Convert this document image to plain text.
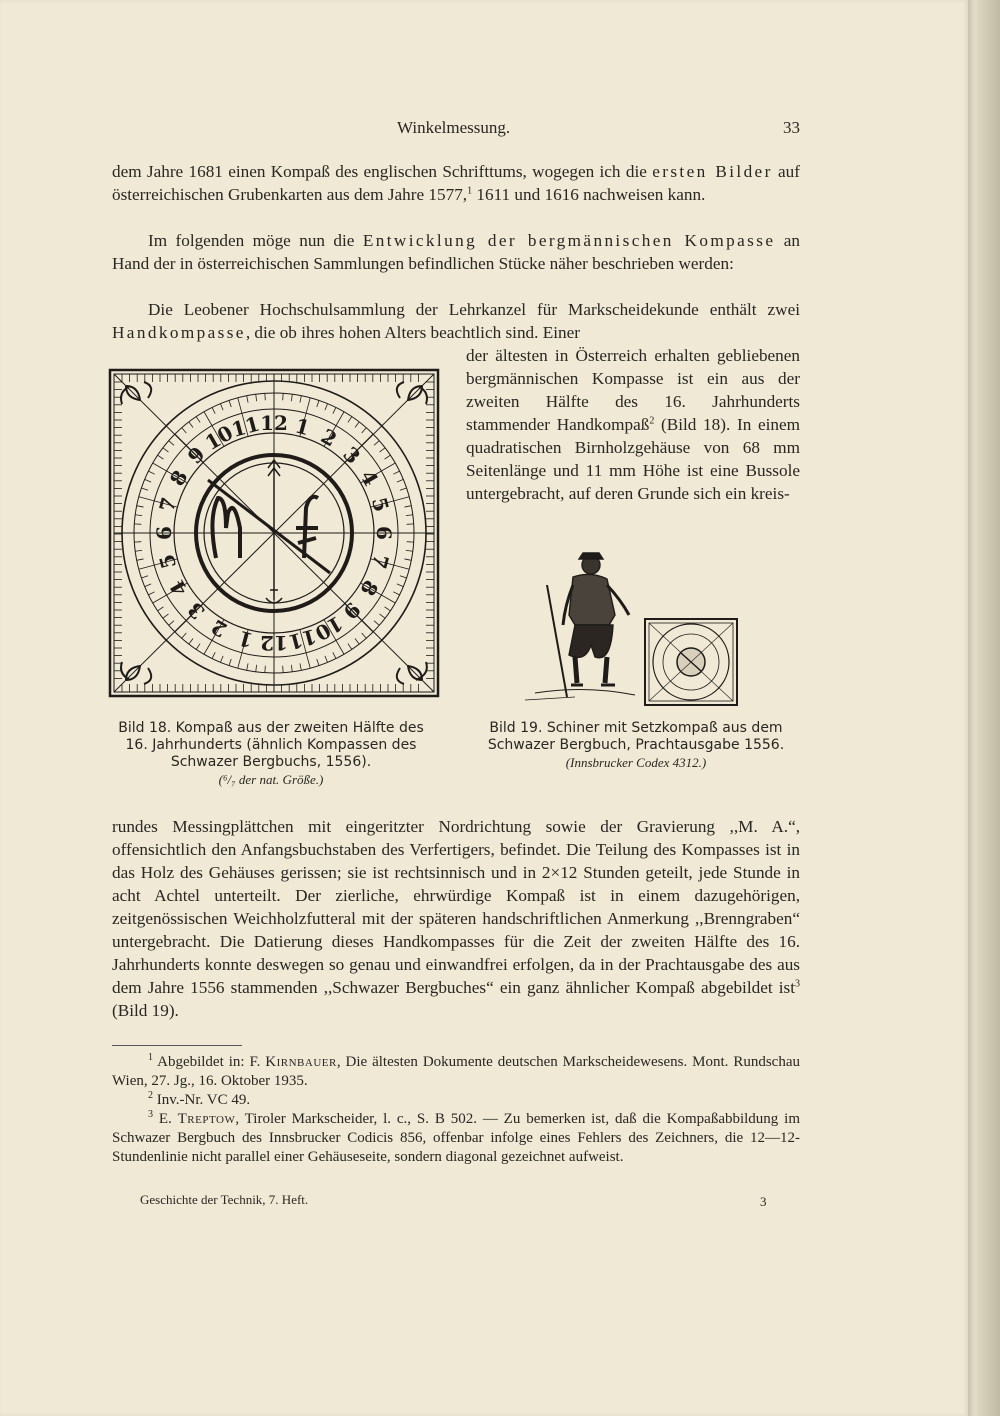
Winkelmessung.	33

dem Jahre 1681 einen Kompaß des englischen Schrifttums, wogegen ich die ersten Bilder auf österreichischen Grubenkarten aus dem Jahre 1577,$^1$ 1611 und 1616 nachweisen kann.

Im folgenden möge nun die Entwicklung der bergmännischen Kompasse an Hand der in österreichischen Sammlungen befindlichen Stücke näher beschrieben werden:

Die Leobener Hochschulsammlung der Lehrkanzel für Markscheidekunde enthält zwei Handkompasse, die ob ihres hohen Alters beachtlich sind. Einer

der ältesten in Österreich erhalten gebliebenen bergmännischen Kompasse ist ein aus der zweiten Hälfte des 16. Jahrhunderts stammender Handkompaß$^2$ (Bild 18). In einem quadratischen Birnholzgehäuse von 68 mm Seitenlänge und 11 mm Höhe ist eine Bussole untergebracht, auf deren Grunde sich ein kreis-

12 1 2
3
4
5
6
7
8
9
10
11
12
1
2
3
4
5
6
7
8
9
10
11
Bild 18. Kompaß aus der zweiten Hälfte des 16. Jahrhunderts (ähnlich Kompassen des Schwazer Bergbuchs, 1556).
(⁶/₇ der nat. Größe.)
Bild 19. Schiner mit Setzkompaß aus dem Schwazer Bergbuch, Prachtausgabe 1556.
(Innsbrucker Codex 4312.)

rundes Messingplättchen mit eingeritzter Nordrichtung sowie der Gravierung ,,M. A.“, offensichtlich den Anfangsbuchstaben des Verfertigers, befindet. Die Teilung des Kompasses ist in das Holz des Gehäuses gerissen; sie ist rechtsinnisch und in 2×12 Stunden geteilt, jede Stunde in acht Achtel unterteilt. Der zierliche, ehrwürdige Kompaß ist in einem dazugehörigen, zeitgenössischen Weichholzfutteral mit der späteren handschriftlichen Anmerkung ,,Brenngraben“ untergebracht. Die Datierung dieses Handkompasses für die Zeit der zweiten Hälfte des 16. Jahrhunderts konnte deswegen so genau und einwandfrei erfolgen, da in der Prachtausgabe des aus dem Jahre 1556 stammenden ,,Schwazer Bergbuches“ ein ganz ähnlicher Kompaß abgebildet ist$^3$ (Bild 19).

$^1$ Abgebildet in: F. Kirnbauer, Die ältesten Dokumente deutschen Markscheidewesens. Mont. Rundschau Wien, 27. Jg., 16. Oktober 1935.

$^2$ Inv.-Nr. VC 49.

$^3$ E. Treptow, Tiroler Markscheider, l. c., S. B 502. — Zu bemerken ist, daß die Kompaßabbildung im Schwazer Bergbuch des Innsbrucker Codicis 856, offenbar infolge eines Fehlers des Zeichners, die 12—12-Stundenlinie nicht parallel einer Gehäuseseite, sondern diagonal gezeichnet aufweist.

Geschichte der Technik, 7. Heft.	3
